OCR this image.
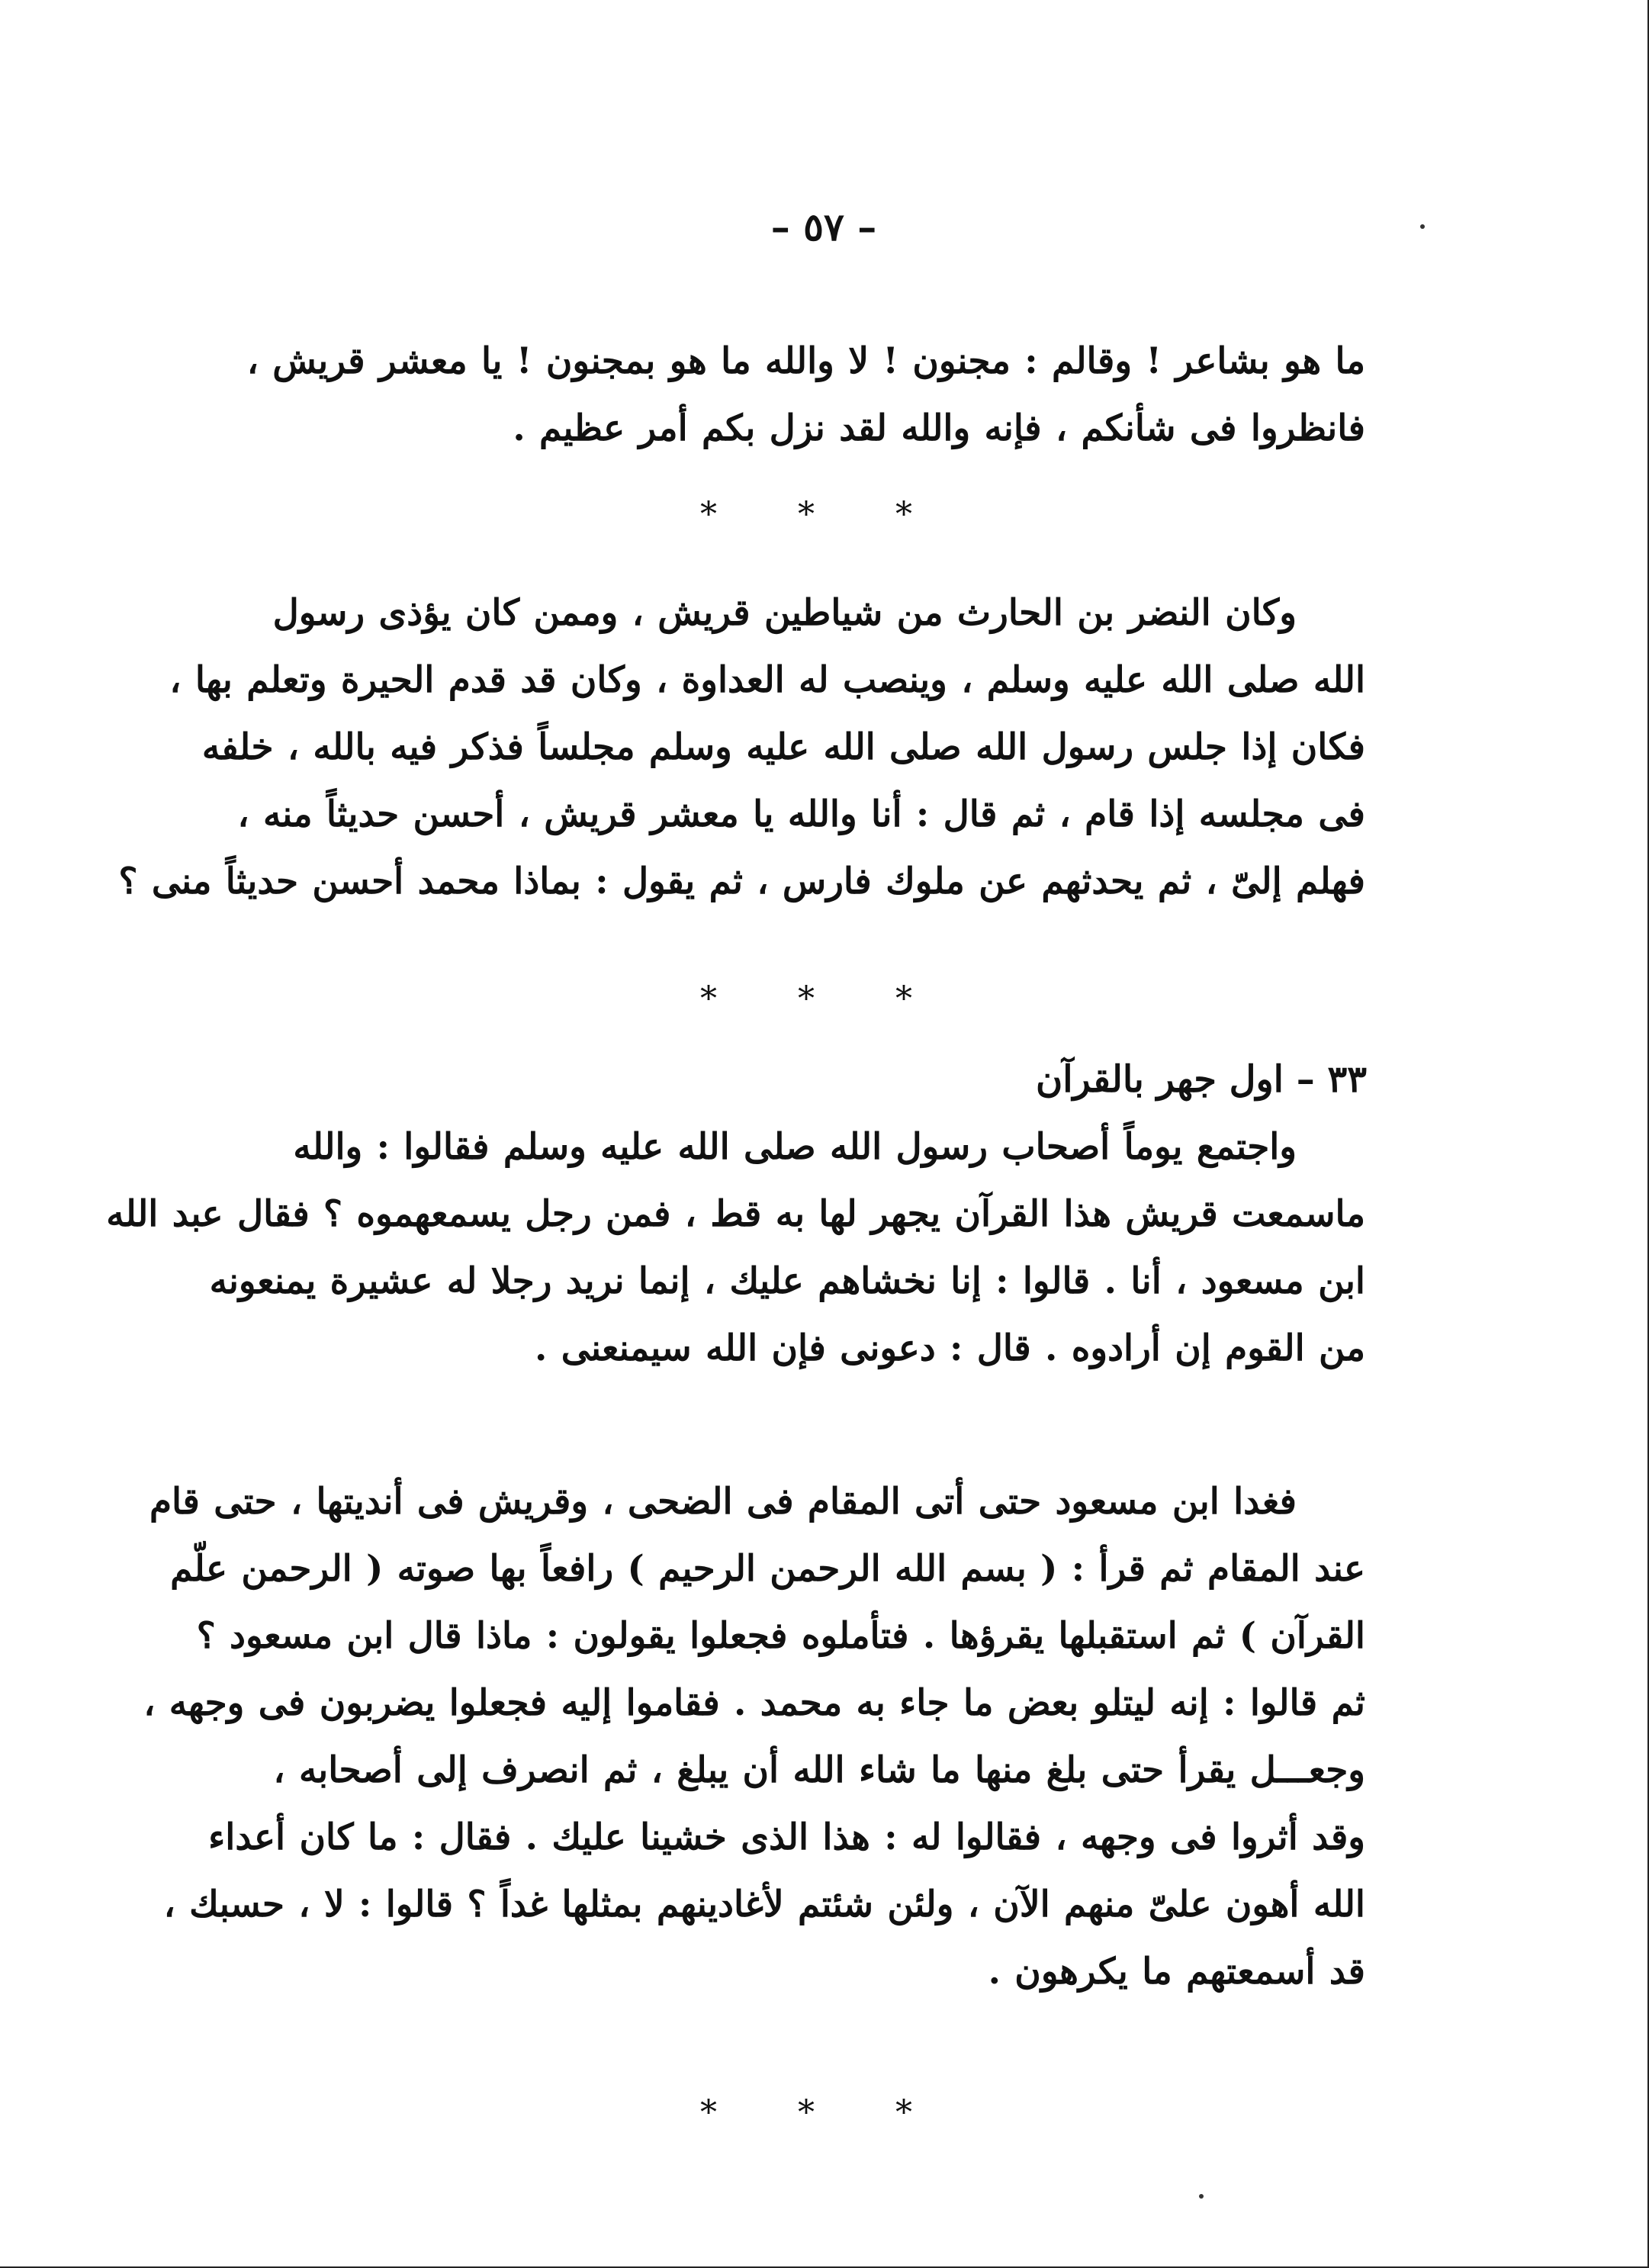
– ٥٧ –
ما هو بشاعر ! وقالم : مجنون ! لا والله ما هو بمجنون ! يا معشر قريش ،
فانظروا فى شأنكم ، فإنه والله لقد نزل بكم أمر عظيم .
* * *
وكان النضر بن الحارث من شياطين قريش ، وممن كان يؤذى رسول
الله صلى الله عليه وسلم ، وينصب له العداوة ، وكان قد قدم الحيرة وتعلم بها ،
فكان إذا جلس رسول الله صلى الله عليه وسلم مجلساً فذكر فيه بالله ، خلفه
فى مجلسه إذا قام ، ثم قال : أنا والله يا معشر قريش ، أحسن حديثاً منه ،
فهلم إلىّ ، ثم يحدثهم عن ملوك فارس ، ثم يقول : بماذا محمد أحسن حديثاً منى ؟
* * *
٣٣ – اول جهر بالقرآن
واجتمع يوماً أصحاب رسول الله صلى الله عليه وسلم فقالوا : والله
ماسمعت قريش هذا القرآن يجهر لها به قط ، فمن رجل يسمعهموه ؟ فقال عبد الله
ابن مسعود ، أنا . قالوا : إنا نخشاهم عليك ، إنما نريد رجلا له عشيرة يمنعونه
من القوم إن أرادوه . قال : دعونى فإن الله سيمنعنى .
فغدا ابن مسعود حتى أتى المقام فى الضحى ، وقريش فى أنديتها ، حتى قام
عند المقام ثم قرأ : ( بسم الله الرحمن الرحيم ) رافعاً بها صوته ( الرحمن علّم
القرآن ) ثم استقبلها يقرؤها . فتأملوه فجعلوا يقولون : ماذا قال ابن مسعود ؟
ثم قالوا : إنه ليتلو بعض ما جاء به محمد . فقاموا إليه فجعلوا يضربون فى وجهه ،
وجعـــل يقرأ حتى بلغ منها ما شاء الله أن يبلغ ، ثم انصرف إلى أصحابه ،
وقد أثروا فى وجهه ، فقالوا له : هذا الذى خشينا عليك . فقال : ما كان أعداء
الله أهون علىّ منهم الآن ، ولئن شئتم لأغادينهم بمثلها غداً ؟ قالوا : لا ، حسبك ،
قد أسمعتهم ما يكرهون .
* * *
